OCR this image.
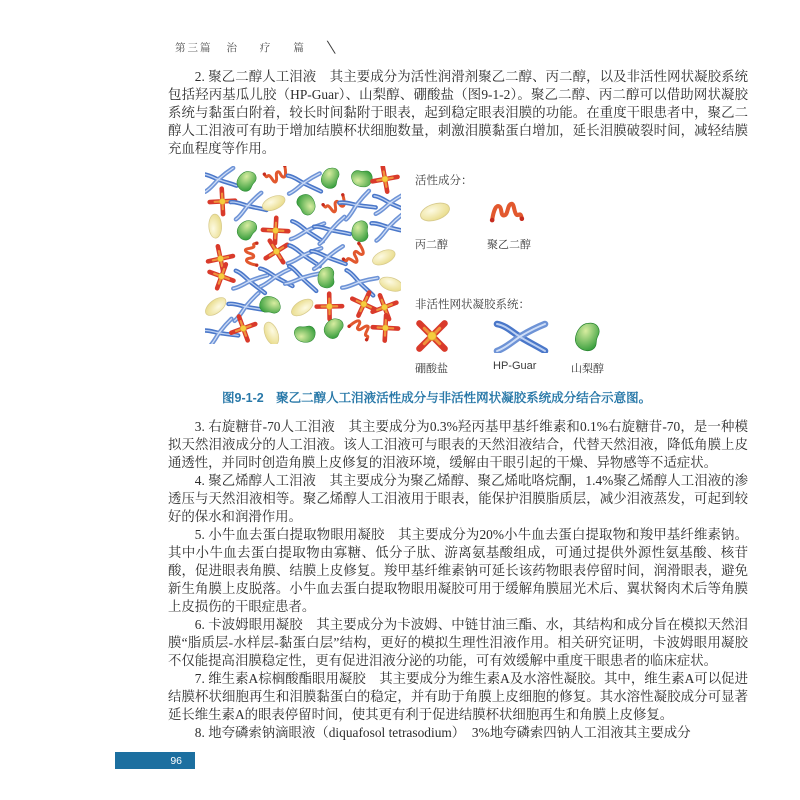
第三篇 治 疗 篇 ╲

2. 聚乙二醇人工泪液　其主要成分为活性润滑剂聚乙二醇、丙二醇，以及非活性网状凝胶系统包括羟丙基瓜儿胶（HP-Guar）、山梨醇、硼酸盐（图9-1-2）。聚乙二醇、丙二醇可以借助网状凝胶系统与黏蛋白附着，较长时间黏附于眼表，起到稳定眼表泪膜的功能。在重度干眼患者中，聚乙二醇人工泪液可有助于增加结膜杯状细胞数量，刺激泪膜黏蛋白增加，延长泪膜破裂时间，减轻结膜充血程度等作用。

活性成分：
丙二醇	聚乙二醇
非活性网状凝胶系统：
硼酸盐	HP-Guar	山梨醇
图9-1-2　聚乙二醇人工泪液活性成分与非活性网状凝胶系统成分结合示意图。

3. 右旋糖苷-70人工泪液　其主要成分为0.3%羟丙基甲基纤维素和0.1%右旋糖苷-70，是一种模拟天然泪液成分的人工泪液。该人工泪液可与眼表的天然泪液结合，代替天然泪液，降低角膜上皮通透性，并同时创造角膜上皮修复的泪液环境，缓解由干眼引起的干燥、异物感等不适症状。

4. 聚乙烯醇人工泪液　其主要成分为聚乙烯醇、聚乙烯吡咯烷酮，1.4%聚乙烯醇人工泪液的渗透压与天然泪液相等。聚乙烯醇人工泪液用于眼表，能保护泪膜脂质层，减少泪液蒸发，可起到较好的保水和润滑作用。

5. 小牛血去蛋白提取物眼用凝胶　其主要成分为20%小牛血去蛋白提取物和羧甲基纤维素钠。其中小牛血去蛋白提取物由寡糖、低分子肽、游离氨基酸组成，可通过提供外源性氨基酸、核苷酸，促进眼表角膜、结膜上皮修复。羧甲基纤维素钠可延长该药物眼表停留时间，润滑眼表，避免新生角膜上皮脱落。小牛血去蛋白提取物眼用凝胶可用于缓解角膜屈光术后、翼状胬肉术后等角膜上皮损伤的干眼症患者。

6. 卡波姆眼用凝胶　其主要成分为卡波姆、中链甘油三酯、水，其结构和成分旨在模拟天然泪膜“脂质层-水样层-黏蛋白层”结构，更好的模拟生理性泪液作用。相关研究证明，卡波姆眼用凝胶不仅能提高泪膜稳定性，更有促进泪液分泌的功能，可有效缓解中重度干眼患者的临床症状。

7. 维生素A棕榈酸酯眼用凝胶　其主要成分为维生素A及水溶性凝胶。其中，维生素A可以促进结膜杯状细胞再生和泪膜黏蛋白的稳定，并有助于角膜上皮细胞的修复。其水溶性凝胶成分可显著延长维生素A的眼表停留时间，使其更有利于促进结膜杯状细胞再生和角膜上皮修复。

8. 地夸磷索钠滴眼液（diquafosol tetrasodium）　3%地夸磷索四钠人工泪液其主要成分

96
